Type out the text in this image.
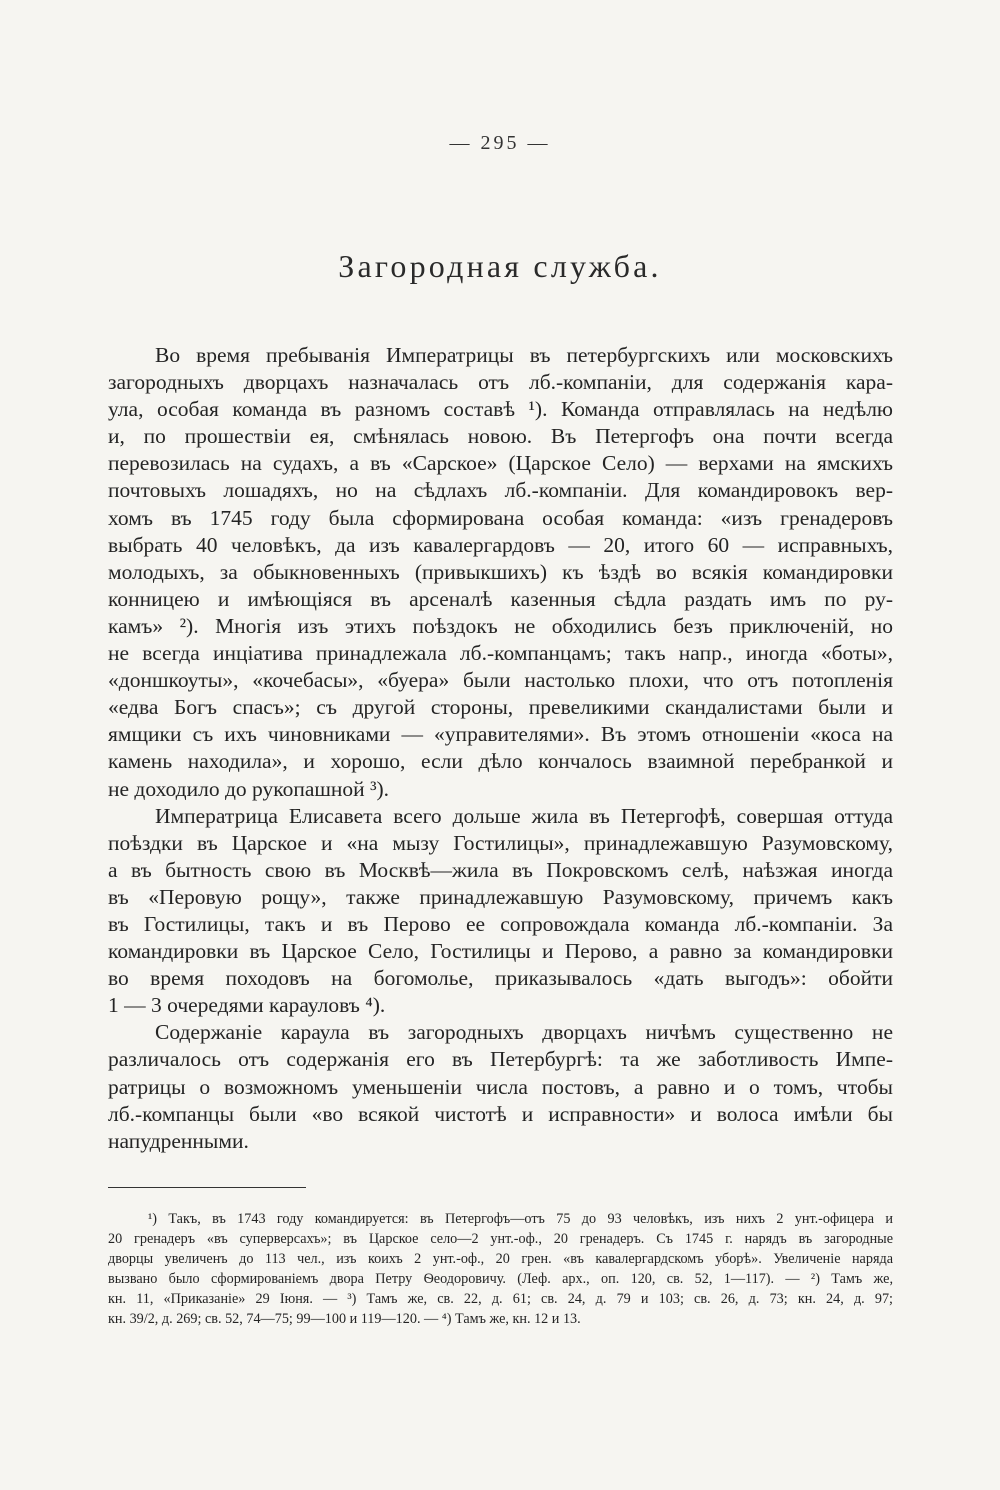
— 295 —
Загородная служба.
Во время пребыванія Императрицы въ петербургскихъ или московскихъ
загородныхъ дворцахъ назначалась отъ лб.-компаніи, для содержанія кара-
ула, особая команда въ разномъ составѣ ¹). Команда отправлялась на недѣлю
и, по прошествіи ея, смѣнялась новою. Въ Петергофъ она почти всегда
перевозилась на судахъ, а въ «Сарское» (Царское Село) — верхами на ямскихъ
почтовыхъ лошадяхъ, но на сѣдлахъ лб.-компаніи. Для командировокъ вер-
хомъ въ 1745 году была сформирована особая команда: «изъ гренадеровъ
выбрать 40 человѣкъ, да изъ кавалергардовъ — 20, итого 60 — исправныхъ,
молодыхъ, за обыкновенныхъ (привыкшихъ) къ ѣздѣ во всякія командировки
конницею и имѣющіяся въ арсеналѣ казенныя сѣдла раздать имъ по ру-
камъ» ²). Многія изъ этихъ поѣздокъ не обходились безъ приключеній, но
не всегда инціатива принадлежала лб.-компанцамъ; такъ напр., иногда «боты»,
«доншкоуты», «кочебасы», «буера» были настолько плохи, что отъ потопленія
«едва Богъ спасъ»; съ другой стороны, превеликими скандалистами были и
ямщики съ ихъ чиновниками — «управителями». Въ этомъ отношеніи «коса на
камень находила», и хорошо, если дѣло кончалось взаимной перебранкой и
не доходило до рукопашной ³).
Императрица Елисавета всего дольше жила въ Петергофѣ, совершая оттуда
поѣздки въ Царское и «на мызу Гостилицы», принадлежавшую Разумовскому,
а въ бытность свою въ Москвѣ—жила въ Покровскомъ селѣ, наѣзжая иногда
въ «Перовую рощу», также принадлежавшую Разумовскому, причемъ какъ
въ Гостилицы, такъ и въ Перово ее сопровождала команда лб.-компаніи. За
командировки въ Царское Село, Гостилицы и Перово, а равно за командировки
во время походовъ на богомолье, приказывалось «дать выгодъ»: обойти
1 — 3 очередями карауловъ ⁴).
Содержаніе караула въ загородныхъ дворцахъ ничѣмъ существенно не
различалось отъ содержанія его въ Петербургѣ: та же заботливость Импе-
ратрицы о возможномъ уменьшеніи числа постовъ, а равно и о томъ, чтобы
лб.-компанцы были «во всякой чистотѣ и исправности» и волоса имѣли бы
напудренными.
¹) Такъ, въ 1743 году командируется: въ Петергофъ—отъ 75 до 93 человѣкъ, изъ нихъ 2 унт.-офицера и
20 гренадеръ «въ суперверсахъ»; въ Царское село—2 унт.-оф., 20 гренадеръ. Съ 1745 г. нарядъ въ загородные
дворцы увеличенъ до 113 чел., изъ коихъ 2 унт.-оф., 20 грен. «въ кавалергардскомъ уборѣ». Увеличеніе наряда
вызвано было сформированіемъ двора Петру Ѳеодоровичу. (Леф. арх., оп. 120, св. 52, 1—117). — ²) Тамъ же,
кн. 11, «Приказаніе» 29 Іюня. — ³) Тамъ же, св. 22, д. 61; св. 24, д. 79 и 103; св. 26, д. 73; кн. 24, д. 97;
кн. 39/2, д. 269; св. 52, 74—75; 99—100 и 119—120. — ⁴) Тамъ же, кн. 12 и 13.
